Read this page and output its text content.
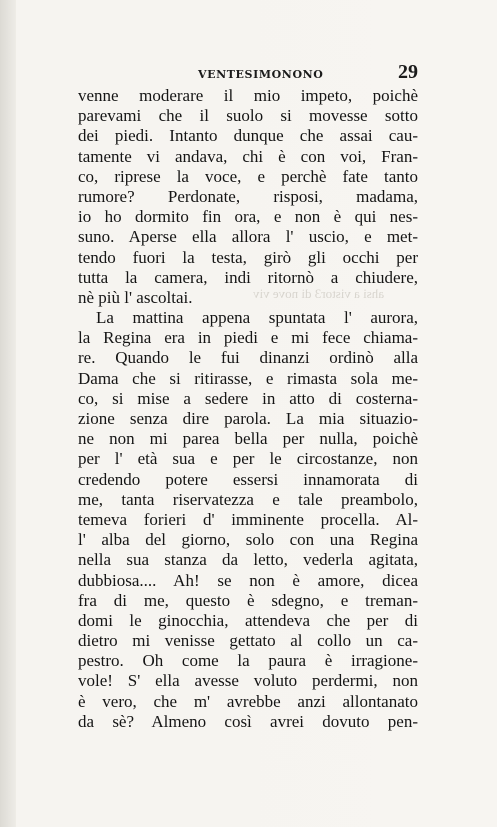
VENTESIMONONO	29
ahsi a vistor3 di nove viv
venne moderare il mio impeto, poichè
parevami che il suolo si movesse sotto
dei piedi. Intanto dunque che assai cau-
tamente vi andava, chi è con voi, Fran-
co, riprese la voce, e perchè fate tanto
rumore? Perdonate, risposi, madama,
io ho dormito fin ora, e non è qui nes-
suno. Aperse ella allora l' uscio, e met-
tendo fuori la testa, girò gli occhi per
tutta la camera, indi ritornò a chiudere,
nè più l' ascoltai.
La mattina appena spuntata l' aurora,
la Regina era in piedi e mi fece chiama-
re. Quando le fui dinanzi ordinò alla
Dama che si ritirasse, e rimasta sola me-
co, si mise a sedere in atto di costerna-
zione senza dire parola. La mia situazio-
ne non mi parea bella per nulla, poichè
per l' età sua e per le circostanze, non
credendo potere essersi innamorata di
me, tanta riservatezza e tale preambolo,
temeva forieri d' imminente procella. Al-
l' alba del giorno, solo con una Regina
nella sua stanza da letto, vederla agitata,
dubbiosa.... Ah! se non è amore, dicea
fra di me, questo è sdegno, e treman-
domi le ginocchia, attendeva che per di
dietro mi venisse gettato al collo un ca-
pestro. Oh come la paura è irragione-
vole! S' ella avesse voluto perdermi, non
è vero, che m' avrebbe anzi allontanato
da sè? Almeno così avrei dovuto pen-
